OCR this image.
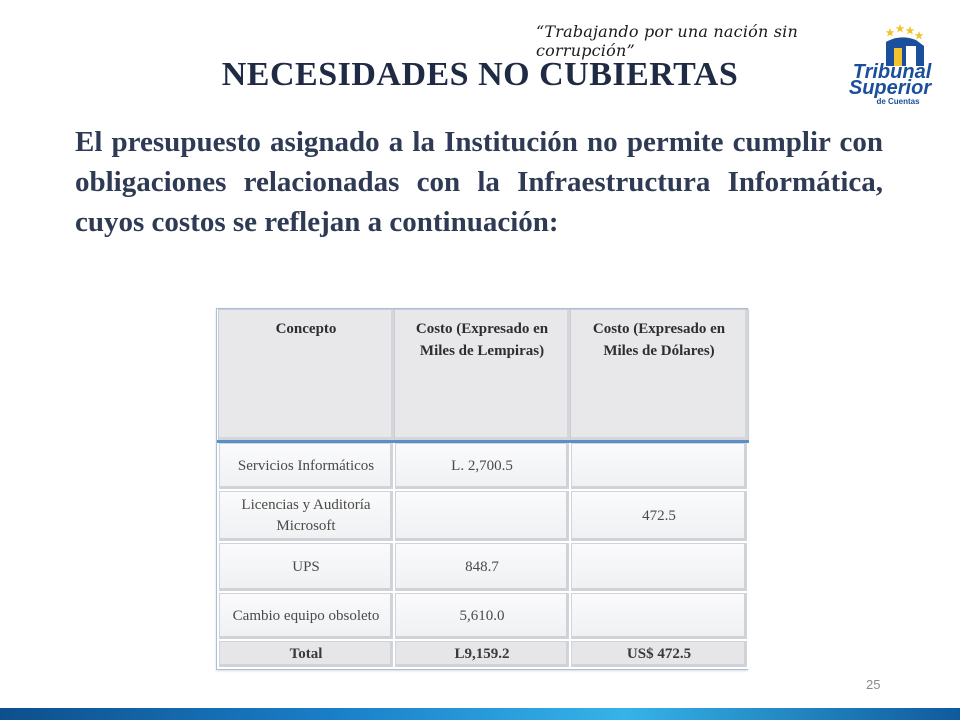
“Trabajando por una nación sin corrupción”
Tribunal
Superior
de Cuentas
NECESIDADES NO CUBIERTAS
El presupuesto asignado a la Institución no permite cumplir con obligaciones relacionadas con la Infraestructura Informática, cuyos costos se reflejan a continuación:
Concepto	Costo (Expresado en Miles de Lempiras)	Costo (Expresado en Miles de Dólares)
Servicios Informáticos	L. 2,700.5	
Licencias y Auditoría Microsoft		472.5
UPS	848.7	
Cambio equipo obsoleto	5,610.0	
Total	L9,159.2	US$ 472.5
25
